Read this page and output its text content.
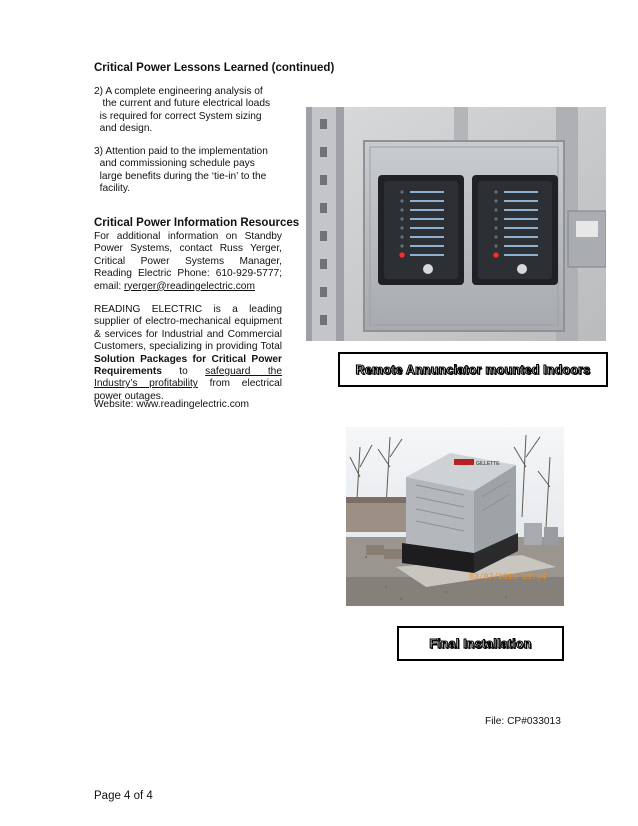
Critical Power Lessons Learned (continued)
2) A complete engineering analysis of
the current and future electrical loads
is required for correct System sizing
and design.
3) Attention paid to the implementation
and commissioning schedule pays
large benefits during the ‘tie-in’ to the
facility.
Critical Power Information Resources
For additional information on Standby Power Systems, contact Russ Yerger, Critical Power Systems Manager, Reading Electric Phone: 610-929-5777; email: ryerger@readingelectric.com
READING ELECTRIC is a leading supplier of electro-mechanical equipment & services for Industrial and Commercial Customers, specializing in providing Total Solution Packages for Critical Power Requirements to safeguard the Industry’s profitability from electrical power outages.
Website: www.readingelectric.com
Remote Annunciator mounted Indoors
GILLETTE
03/07/2013 13:34
Final Installation
File: CP#033013
Page 4 of 4
